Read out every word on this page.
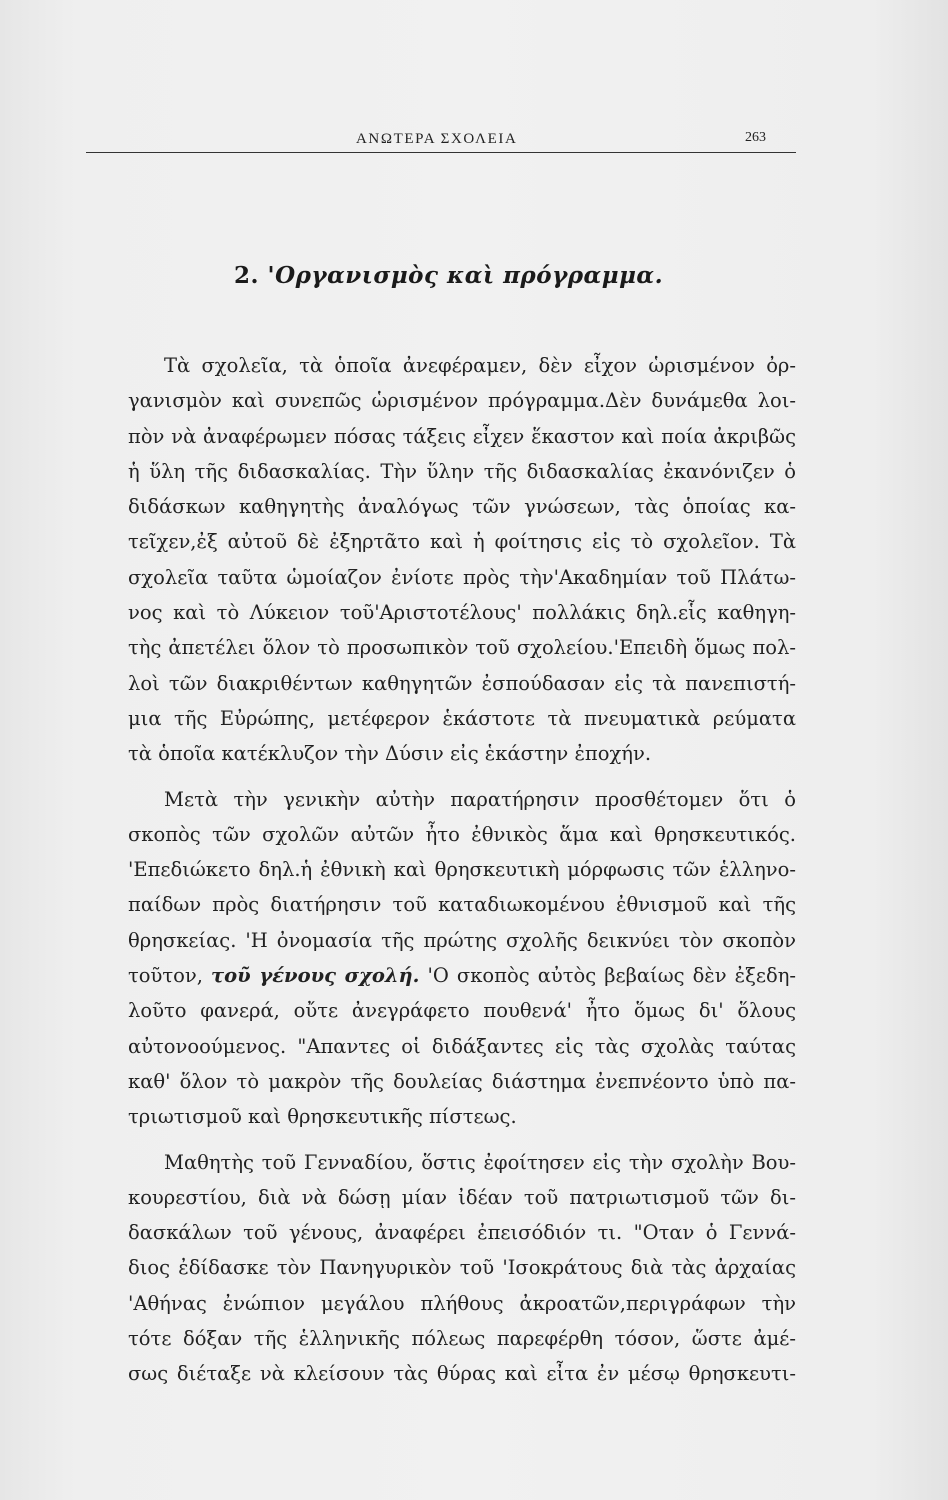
ΑΝΩΤΕΡΑ ΣΧΟΛΕΙΑ	263
2. 'Οργανισμὸς καὶ πρόγραμμα.
Τὰ σχολεῖα, τὰ ὁποῖα ἀνεφέραμεν, δὲν εἶχον ὡρισμένον ὀρ-
γανισμὸν καὶ συνεπῶς ὡρισμένον πρόγραμμα.Δὲν δυνάμεθα λοι-
πὸν νὰ ἀναφέρωμεν πόσας τάξεις εἶχεν ἕκαστον καὶ ποία ἀκριβῶς
ἡ ὕλη τῆς διδασκαλίας. Τὴν ὕλην τῆς διδασκαλίας ἐκανόνιζεν ὁ
διδάσκων καθηγητὴς ἀναλόγως τῶν γνώσεων, τὰς ὁποίας κα-
τεῖχεν,ἐξ αὐτοῦ δὲ ἐξηρτᾶτο καὶ ἡ φοίτησις εἰς τὸ σχολεῖον. Τὰ
σχολεῖα ταῦτα ὡμοίαζον ἐνίοτε πρὸς τὴν'Ακαδημίαν τοῦ Πλάτω-
νος καὶ τὸ Λύκειον τοῦ'Αριστοτέλους' πολλάκις δηλ.εἷς καθηγη-
τὴς ἀπετέλει ὅλον τὸ προσωπικὸν τοῦ σχολείου.'Επειδὴ ὅμως πολ-
λοὶ τῶν διακριθέντων καθηγητῶν ἐσπούδασαν εἰς τὰ πανεπιστή-
μια τῆς Εὐρώπης, μετέφερον ἑκάστοτε τὰ πνευματικὰ ρεύματα
τὰ ὁποῖα κατέκλυζον τὴν Δύσιν εἰς ἑκάστην ἐποχήν.
Μετὰ τὴν γενικὴν αὐτὴν παρατήρησιν προσθέτομεν ὅτι ὁ
σκοπὸς τῶν σχολῶν αὐτῶν ἦτο ἐθνικὸς ἅμα καὶ θρησκευτικός.
'Επεδιώκετο δηλ.ἡ ἐθνικὴ καὶ θρησκευτικὴ μόρφωσις τῶν ἑλληνο-
παίδων πρὸς διατήρησιν τοῦ καταδιωκομένου ἐθνισμοῦ καὶ τῆς
θρησκείας. 'Η ὀνομασία τῆς πρώτης σχολῆς δεικνύει τὸν σκοπὸν
τοῦτον, τοῦ γένους σχολή. 'Ο σκοπὸς αὐτὸς βεβαίως δὲν ἐξεδη-
λοῦτο φανερά, οὔτε ἀνεγράφετο πουθενά' ἦτο ὅμως δι' ὅλους
αὐτονοούμενος. "Απαντες οἱ διδάξαντες εἰς τὰς σχολὰς ταύτας
καθ' ὅλον τὸ μακρὸν τῆς δουλείας διάστημα ἐνεπνέοντο ὑπὸ πα-
τριωτισμοῦ καὶ θρησκευτικῆς πίστεως.
Μαθητὴς τοῦ Γενναδίου, ὅστις ἐφοίτησεν εἰς τὴν σχολὴν Βου-
κουρεστίου, διὰ νὰ δώσῃ μίαν ἰδέαν τοῦ πατριωτισμοῦ τῶν δι-
δασκάλων τοῦ γένους, ἀναφέρει ἐπεισόδιόν τι. "Οταν ὁ Γεννά-
διος ἐδίδασκε τὸν Πανηγυρικὸν τοῦ 'Ισοκράτους διὰ τὰς ἀρχαίας
'Αθήνας ἐνώπιον μεγάλου πλήθους ἀκροατῶν,περιγράφων τὴν
τότε δόξαν τῆς ἑλληνικῆς πόλεως παρεφέρθη τόσον, ὥστε ἀμέ-
σως διέταξε νὰ κλείσουν τὰς θύρας καὶ εἶτα ἐν μέσῳ θρησκευτι-
